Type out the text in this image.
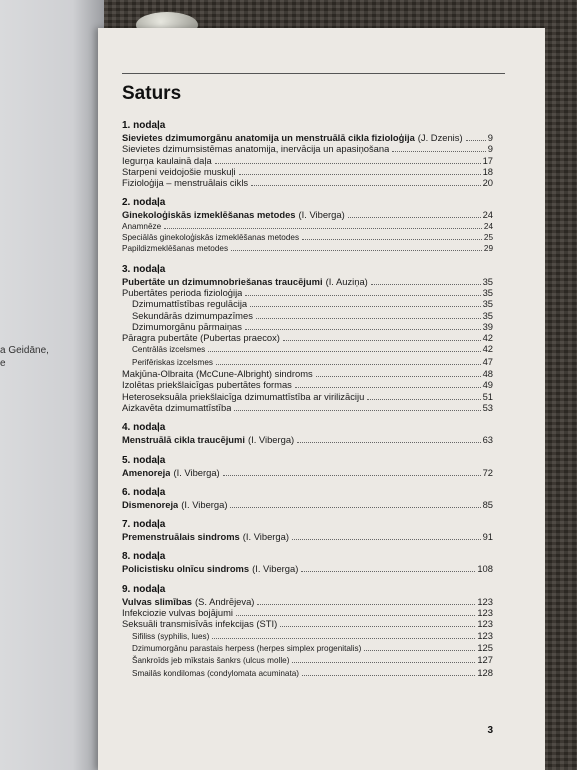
a Geidāne,
e
Saturs
1. nodaļa
Sievietes dzimumorgānu anatomija un menstruālā cikla fizioloģija (J. Dzenis)	9
Sievietes dzimumsistēmas anatomija, inervācija un apasiņošana	9
Iegurņa kaulainā daļa	17
Starpeni veidojošie muskuļi	18
Fizioloģija – menstruālais cikls	20
2. nodaļa
Ginekoloģiskās izmeklēšanas metodes (I. Viberga)	24
Anamnēze	24
Speciālās ginekoloģiskās izmeklēšanas metodes	25
Papildizmeklēšanas metodes	29
3. nodaļa
Pubertāte un dzimumnobriešanas traucējumi (I. Auziņa)	35
Pubertātes perioda fizioloģija	35
Dzimumattīstības regulācija	35
Sekundārās dzimumpazīmes	35
Dzimumorgānu pārmaiņas	39
Pāragra pubertāte (Pubertas praecox)	42
Centrālās izcelsmes	42
Perifēriskas izcelsmes	47
Makjūna-Olbraita (McCune-Albright) sindroms	48
Izolētas priekšlaicīgas pubertātes formas	49
Heteroseksuāla priekšlaicīga dzimumattīstība ar virilizāciju	51
Aizkavēta dzimumattīstība	53
4. nodaļa
Menstruālā cikla traucējumi (I. Viberga)	63
5. nodaļa
Amenoreja (I. Viberga)	72
6. nodaļa
Dismenoreja (I. Viberga)	85
7. nodaļa
Premenstruālais sindroms (I. Viberga)	91
8. nodaļa
Policistisku olnīcu sindroms (I. Viberga)	108
9. nodaļa
Vulvas slimības (S. Andrējeva)	123
Infekciozie vulvas bojājumi	123
Seksuāli transmisīvās infekcijas (STI)	123
Sifiliss (syphilis, lues)	123
Dzimumorgānu parastais herpess (herpes simplex progenitalis)	125
Šankroīds jeb mīkstais šankrs (ulcus molle)	127
Smailās kondilomas (condylomata acuminata)	128
3
